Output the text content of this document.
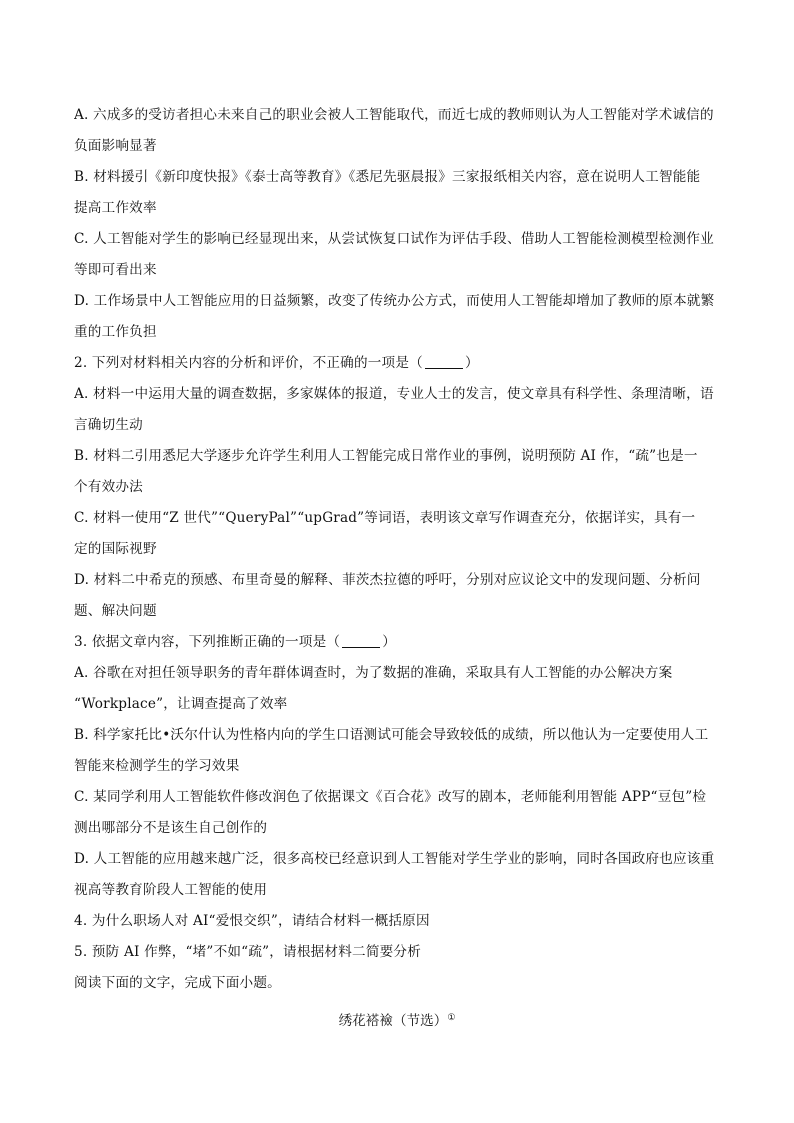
A. 六成多的受访者担心未来自己的职业会被人工智能取代，而近七成的教师则认为人工智能对学术诚信的
负面影响显著
B. 材料援引《新印度快报》《泰士高等教育》《悉尼先驱晨报》三家报纸相关内容，意在说明人工智能能
提高工作效率
C. 人工智能对学生的影响已经显现出来，从尝试恢复口试作为评估手段、借助人工智能检测模型检测作业
等即可看出来
D. 工作场景中人工智能应用的日益频繁，改变了传统办公方式，而使用人工智能却增加了教师的原本就繁
重的工作负担
2. 下列对材料相关内容的分析和评价，不正确的一项是（	）
A. 材料一中运用大量的调查数据，多家媒体的报道，专业人士的发言，使文章具有科学性、条理清晰，语
言确切生动
B. 材料二引用悉尼大学逐步允许学生利用人工智能完成日常作业的事例，说明预防 AI 作，“疏”也是一
个有效办法
C. 材料一使用“Z 世代”“QueryPal”“upGrad”等词语，表明该文章写作调查充分，依据详实，具有一
定的国际视野
D. 材料二中希克的预感、布里奇曼的解释、菲茨杰拉德的呼吁，分别对应议论文中的发现问题、分析问
题、解决问题
3. 依据文章内容，下列推断正确的一项是（	）
A. 谷歌在对担任领导职务的青年群体调查时，为了数据的准确，采取具有人工智能的办公解决方案
“Workplace”，让调查提高了效率
B. 科学家托比•沃尔什认为性格内向的学生口语测试可能会导致较低的成绩，所以他认为一定要使用人工
智能来检测学生的学习效果
C. 某同学利用人工智能软件修改润色了依据课文《百合花》改写的剧本，老师能利用智能 APP“豆包”检
测出哪部分不是该生自己创作的
D. 人工智能的应用越来越广泛，很多高校已经意识到人工智能对学生学业的影响，同时各国政府也应该重
视高等教育阶段人工智能的使用
4. 为什么职场人对 AI“爱恨交织”，请结合材料一概括原因
5. 预防 AI 作弊，“堵”不如“疏”，请根据材料二简要分析
阅读下面的文字，完成下面小题。
绣花褡襝（节选）①
